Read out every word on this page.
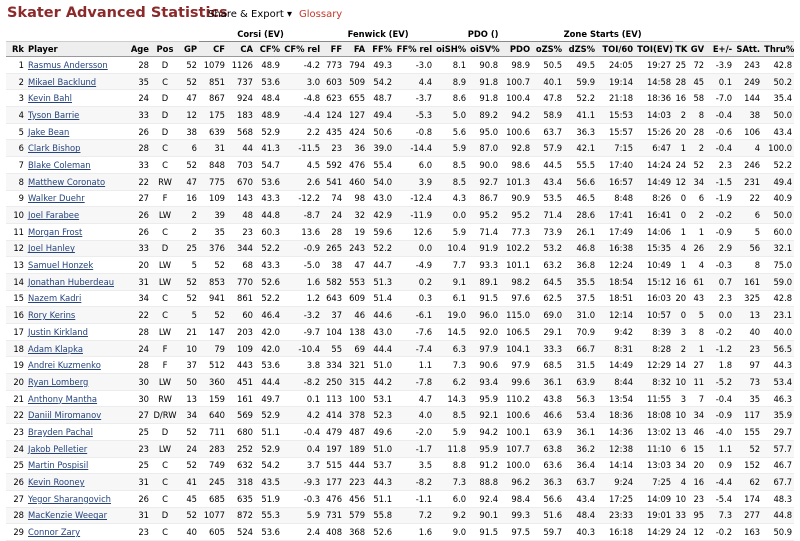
Skater Advanced Statistics
Share & Export ▾ Glossary
					Corsi (EV)				Fenwick (EV)				PDO ()			Zone Starts (EV)								
Rk	Player	Age	Pos	GP	CF	CA	CF%	CF% rel	FF	FA	FF%	FF% rel	oiSH%	oiSV%	PDO	oZS%	dZS%	TOI/60	TOI(EV)	TK	GV	E+/-	SAtt.	Thru%
1	Rasmus Andersson	28	D	52	1079	1126	48.9	-4.2	773	794	49.3	-3.0	8.1	90.8	98.9	50.5	49.5	24:05	19:27	25	72	-3.9	243	42.8
2	Mikael Backlund	35	C	52	851	737	53.6	3.0	603	509	54.2	4.4	8.9	91.8	100.7	40.1	59.9	19:14	14:58	28	45	0.1	249	50.2
3	Kevin Bahl	24	D	47	867	924	48.4	-4.8	623	655	48.7	-3.7	8.6	91.8	100.4	47.8	52.2	21:18	18:36	16	58	-7.0	144	35.4
4	Tyson Barrie	33	D	12	175	183	48.9	-4.4	124	127	49.4	-5.3	5.0	89.2	94.2	58.9	41.1	15:53	14:03	2	8	-0.4	38	50.0
5	Jake Bean	26	D	38	639	568	52.9	2.2	435	424	50.6	-0.8	5.6	95.0	100.6	63.7	36.3	15:57	15:26	20	28	-0.6	106	43.4
6	Clark Bishop	28	C	6	31	44	41.3	-11.5	23	36	39.0	-14.4	5.9	87.0	92.8	57.9	42.1	7:15	6:47	1	2	-0.4	4	100.0
7	Blake Coleman	33	C	52	848	703	54.7	4.5	592	476	55.4	6.0	8.5	90.0	98.6	44.5	55.5	17:40	14:24	24	52	2.3	246	52.2
8	Matthew Coronato	22	RW	47	775	670	53.6	2.6	541	460	54.0	3.9	8.5	92.7	101.3	43.4	56.6	16:57	14:49	12	34	-1.5	231	49.4
9	Walker Duehr	27	F	16	109	143	43.3	-12.2	74	98	43.0	-12.4	4.3	86.7	90.9	53.5	46.5	8:48	8:26	0	6	-1.9	22	40.9
10	Joel Farabee	26	LW	2	39	48	44.8	-8.7	24	32	42.9	-11.9	0.0	95.2	95.2	71.4	28.6	17:41	16:41	0	2	-0.2	6	50.0
11	Morgan Frost	26	C	2	35	23	60.3	13.6	28	19	59.6	12.6	5.9	71.4	77.3	73.9	26.1	17:49	14:06	1	1	-0.9	5	60.0
12	Joel Hanley	33	D	25	376	344	52.2	-0.9	265	243	52.2	0.0	10.4	91.9	102.2	53.2	46.8	16:38	15:35	4	26	2.9	56	32.1
13	Samuel Honzek	20	LW	5	52	68	43.3	-5.0	38	47	44.7	-4.9	7.7	93.3	101.1	63.2	36.8	12:24	10:49	1	4	-0.3	8	75.0
14	Jonathan Huberdeau	31	LW	52	853	770	52.6	1.6	582	553	51.3	0.2	9.1	89.1	98.2	64.5	35.5	18:54	15:12	16	61	0.7	161	59.0
15	Nazem Kadri	34	C	52	941	861	52.2	1.2	643	609	51.4	0.3	6.1	91.5	97.6	62.5	37.5	18:51	16:03	20	43	2.3	325	42.8
16	Rory Kerins	22	C	5	52	60	46.4	-3.2	37	46	44.6	-6.1	19.0	96.0	115.0	69.0	31.0	12:14	10:57	0	5	0.0	13	23.1
17	Justin Kirkland	28	LW	21	147	203	42.0	-9.7	104	138	43.0	-7.6	14.5	92.0	106.5	29.1	70.9	9:42	8:39	3	8	-0.2	40	40.0
18	Adam Klapka	24	F	10	79	109	42.0	-10.4	55	69	44.4	-7.4	6.3	97.9	104.1	33.3	66.7	8:31	8:28	2	1	-1.2	23	56.5
19	Andrei Kuzmenko	28	F	37	512	443	53.6	3.8	334	321	51.0	1.1	7.3	90.6	97.9	68.5	31.5	14:49	12:29	14	27	1.8	97	44.3
20	Ryan Lomberg	30	LW	50	360	451	44.4	-8.2	250	315	44.2	-7.8	6.2	93.4	99.6	36.1	63.9	8:44	8:32	10	11	-5.2	73	53.4
21	Anthony Mantha	30	RW	13	159	161	49.7	0.1	113	100	53.1	4.7	14.3	95.9	110.2	43.8	56.3	13:54	11:55	3	7	-0.4	35	46.3
22	Daniil Miromanov	27	D/RW	34	640	569	52.9	4.2	414	378	52.3	4.0	8.5	92.1	100.6	46.6	53.4	18:36	18:08	10	34	-0.9	117	35.9
23	Brayden Pachal	25	D	52	711	680	51.1	-0.4	479	487	49.6	-2.0	5.9	94.2	100.1	63.9	36.1	14:36	13:02	13	46	-4.0	155	29.7
24	Jakob Pelletier	23	LW	24	283	252	52.9	0.4	197	189	51.0	-1.7	11.8	95.9	107.7	63.8	36.2	12:38	11:10	6	15	1.1	52	57.7
25	Martin Pospisil	25	C	52	749	632	54.2	3.7	515	444	53.7	3.5	8.8	91.2	100.0	63.6	36.4	14:14	13:03	34	20	0.9	152	46.7
26	Kevin Rooney	31	C	41	245	318	43.5	-9.3	177	223	44.3	-8.2	7.3	88.8	96.2	36.3	63.7	9:24	7:25	4	16	-4.4	62	67.7
27	Yegor Sharangovich	26	C	45	685	635	51.9	-0.3	476	456	51.1	-1.1	6.0	92.4	98.4	56.6	43.4	17:25	14:09	10	23	-5.4	174	48.3
28	MacKenzie Weegar	31	D	52	1077	872	55.3	5.9	731	579	55.8	7.2	9.2	90.1	99.3	51.6	48.4	23:33	19:01	33	95	7.3	277	44.8
29	Connor Zary	23	C	40	605	524	53.6	2.4	408	368	52.6	1.6	9.0	91.5	97.5	59.7	40.3	16:18	14:29	24	12	-0.2	163	50.9
